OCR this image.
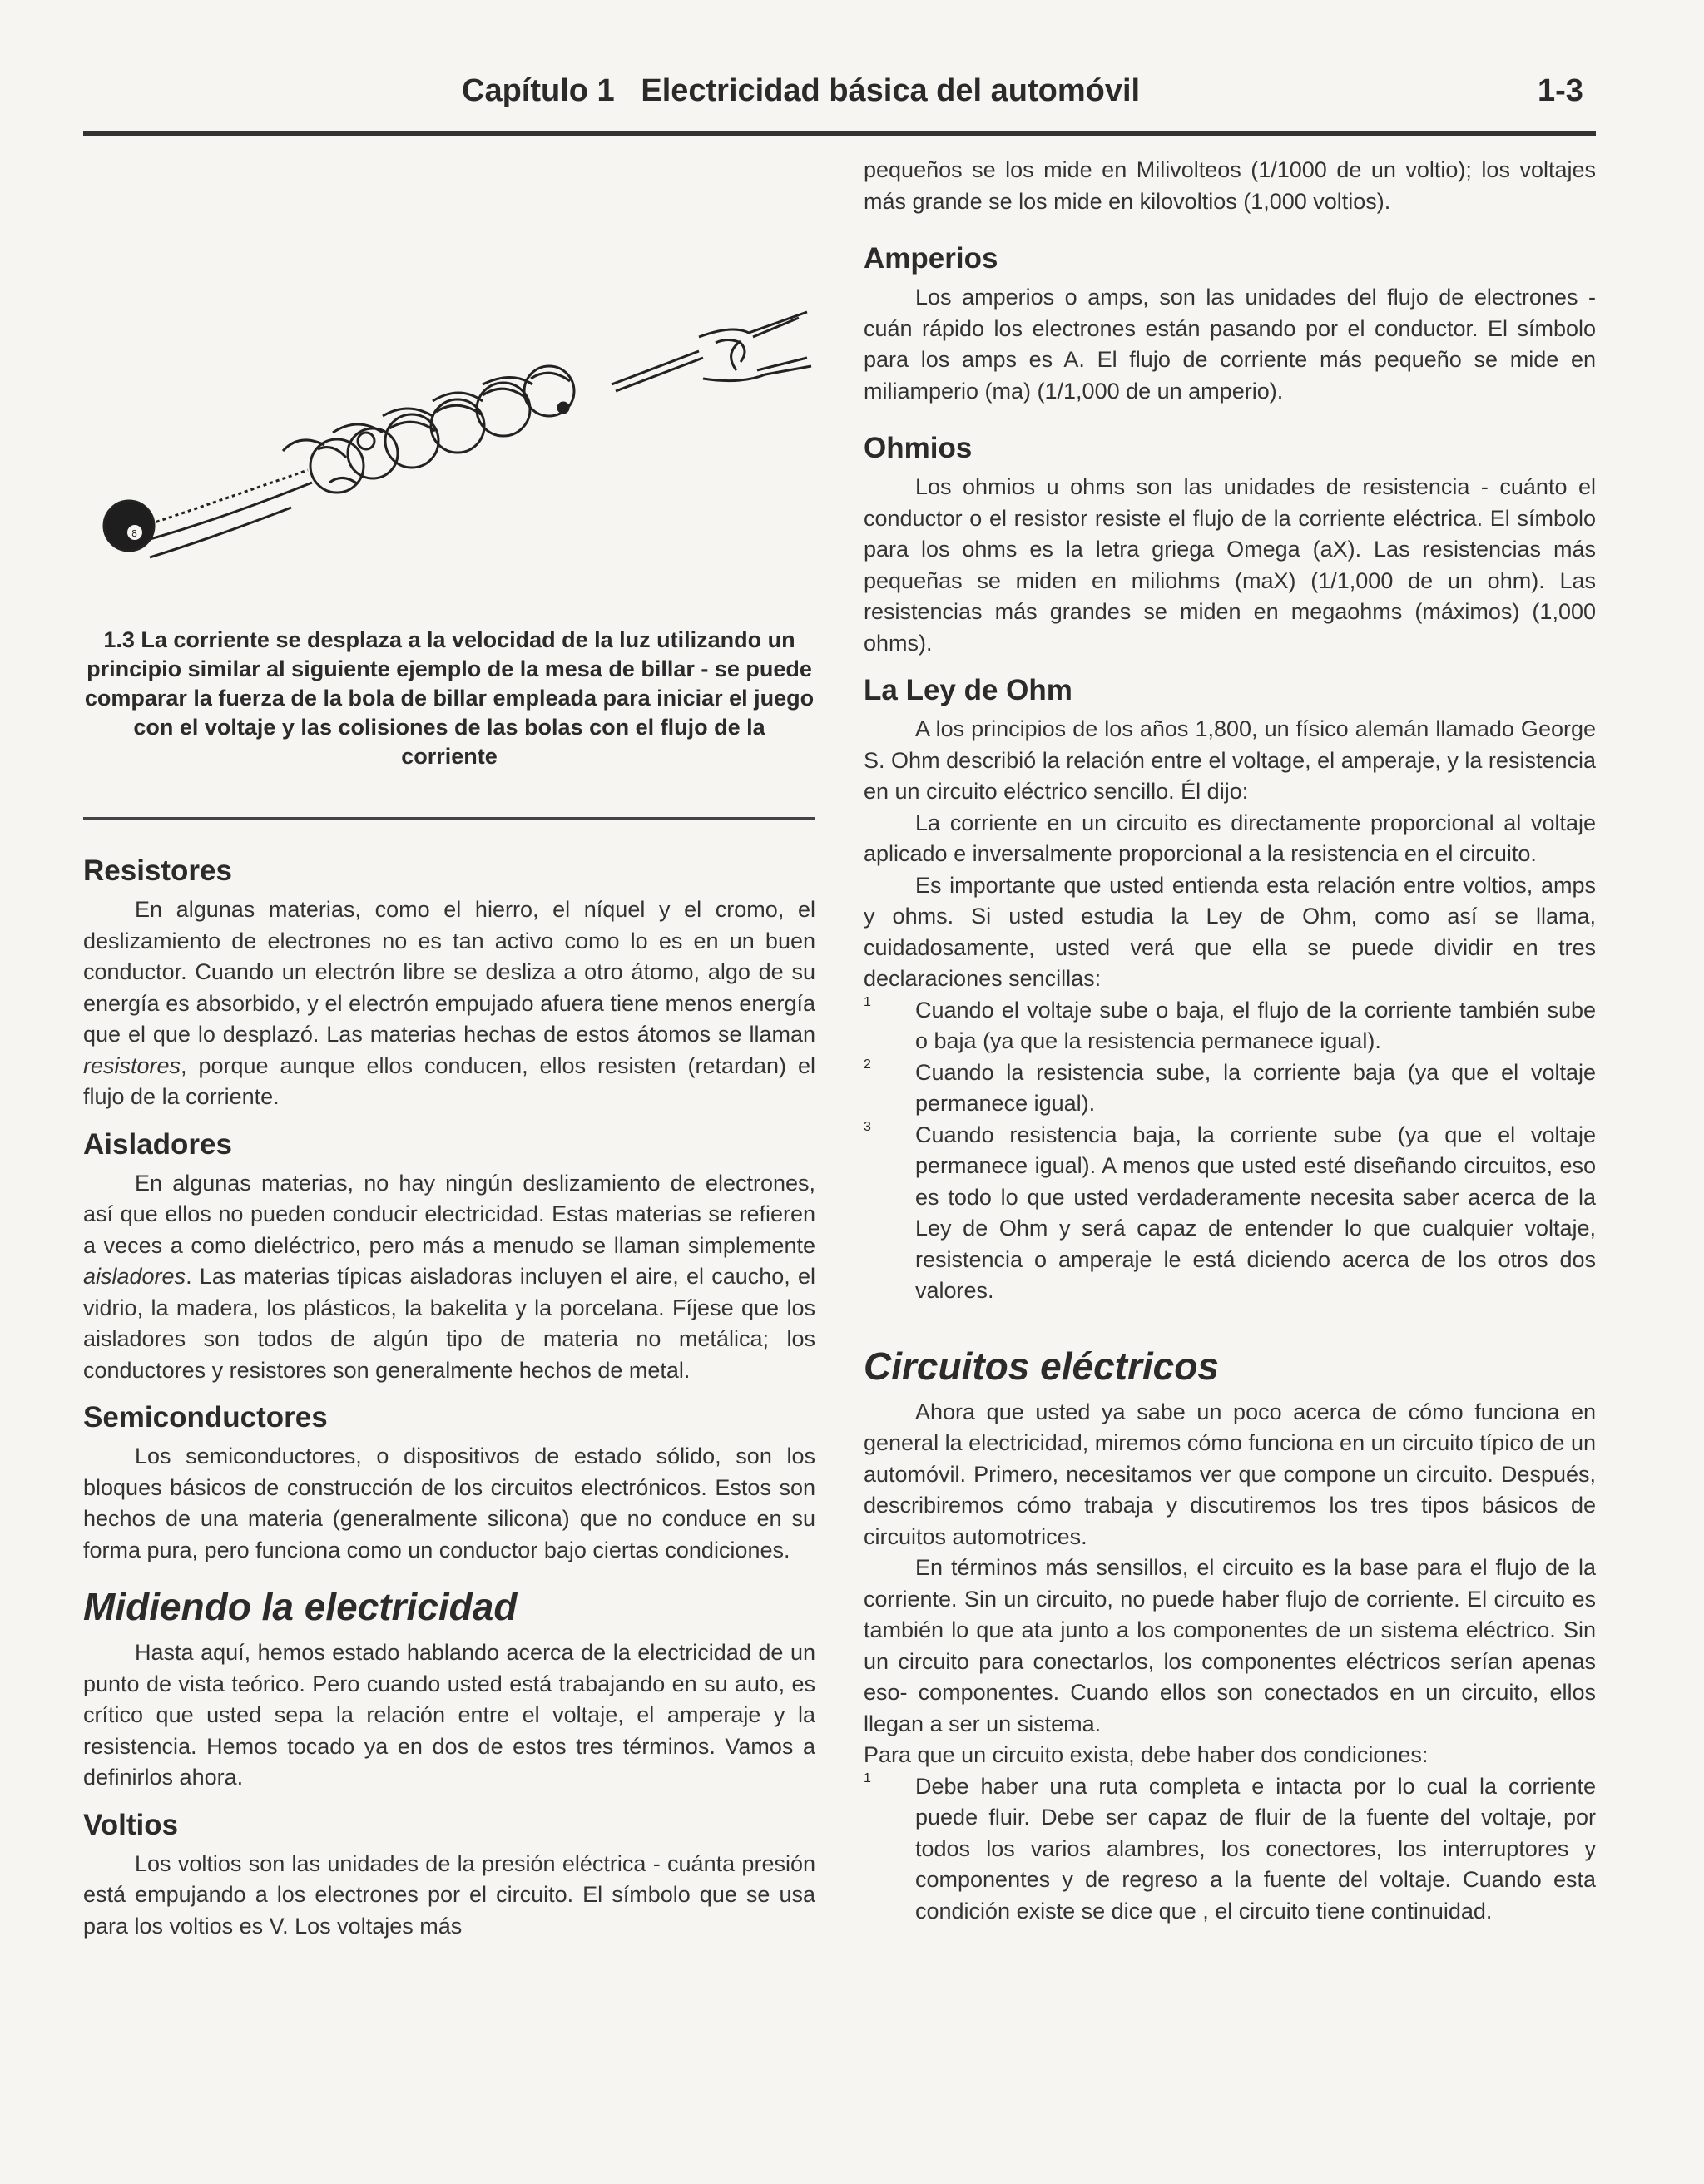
Capítulo 1   Electricidad básica del automóvil	1-3
8
1.3 La corriente se desplaza a la velocidad de la luz utilizando un principio similar al siguiente ejemplo de la mesa de billar - se puede comparar la fuerza de la bola de billar empleada para iniciar el juego con el voltaje y las colisiones de las bolas con el flujo de la corriente
Resistores

En algunas materias, como el hierro, el níquel y el cromo, el deslizamiento de electrones no es tan activo como lo es en un buen conductor. Cuando un electrón libre se desliza a otro átomo, algo de su energía es absorbido, y el electrón empujado afuera tiene menos energía que el que lo desplazó. Las materias hechas de estos átomos se llaman resistores, porque aunque ellos conducen, ellos resisten (retardan) el flujo de la corriente.

Aisladores

En algunas materias, no hay ningún deslizamiento de electrones, así que ellos no pueden conducir electricidad. Estas materias se refieren a veces a como dieléctrico, pero más a menudo se llaman simplemente aisladores. Las materias típicas aisladoras incluyen el aire, el caucho, el vidrio, la madera, los plásticos, la bakelita y la porcelana. Fíjese que los aisladores son todos de algún tipo de materia no metálica; los conductores y resistores son generalmente hechos de metal.

Semiconductores

Los semiconductores, o dispositivos de estado sólido, son los bloques básicos de construcción de los circuitos electrónicos. Estos son hechos de una materia (generalmente silicona) que no conduce en su forma pura, pero funciona como un conductor bajo ciertas condiciones.

Midiendo la electricidad

Hasta aquí, hemos estado hablando acerca de la electricidad de un punto de vista teórico. Pero cuando usted está trabajando en su auto, es crítico que usted sepa la relación entre el voltaje, el amperaje y la resistencia. Hemos tocado ya en dos de estos tres términos. Vamos a definirlos ahora.

Voltios

Los voltios son las unidades de la presión eléctrica - cuánta presión está empujando a los electrones por el circuito. El símbolo que se usa para los voltios es V. Los voltajes más

pequeños se los mide en Milivolteos (1/1000 de un voltio); los voltajes más grande se los mide en kilovoltios (1,000 voltios).

Amperios

Los amperios o amps, son las unidades del flujo de electrones - cuán rápido los electrones están pasando por el conductor. El símbolo para los amps es A. El flujo de corriente más pequeño se mide en miliamperio (ma) (1/1,000 de un amperio).

Ohmios

Los ohmios u ohms son las unidades de resistencia - cuánto el conductor o el resistor resiste el flujo de la corriente eléctrica. El símbolo para los ohms es la letra griega Omega (aX). Las resistencias más pequeñas se miden en miliohms (maX) (1/1,000 de un ohm). Las resistencias más grandes se miden en megaohms (máximos) (1,000 ohms).

La Ley de Ohm

A los principios de los años 1,800, un físico alemán llamado George S. Ohm describió la relación entre el voltage, el amperaje, y la resistencia en un circuito eléctrico sencillo. Él dijo:

La corriente en un circuito es directamente proporcional al voltaje aplicado e inversalmente proporcional a la resistencia en el circuito.

Es importante que usted entienda esta relación entre voltios, amps y ohms. Si usted estudia la Ley de Ohm, como así se llama, cuidadosamente, usted verá que ella se puede dividir en tres declaraciones sencillas:

1	Cuando el voltaje sube o baja, el flujo de la corriente también sube o baja (ya que la resistencia permanece igual).

2	Cuando la resistencia sube, la corriente baja (ya que el voltaje permanece igual).

3	Cuando resistencia baja, la corriente sube (ya que el voltaje permanece igual). A menos que usted esté diseñando circuitos, eso es todo lo que usted verdaderamente necesita saber acerca de la Ley de Ohm y será capaz de entender lo que cualquier voltaje, resistencia o amperaje le está diciendo acerca de los otros dos valores.

Circuitos eléctricos

Ahora que usted ya sabe un poco acerca de cómo funciona en general la electricidad, miremos cómo funciona en un circuito típico de un automóvil. Primero, necesitamos ver que compone un circuito. Después, describiremos cómo trabaja y discutiremos los tres tipos básicos de circuitos automotrices.

En términos más sensillos, el circuito es la base para el flujo de la corriente. Sin un circuito, no puede haber flujo de corriente. El circuito es también lo que ata junto a los componentes de un sistema eléctrico. Sin un circuito para conectarlos, los componentes eléctricos serían apenas eso- componentes. Cuando ellos son conectados en un circuito, ellos llegan a ser un sistema.

Para que un circuito exista, debe haber dos condiciones:

1	Debe haber una ruta completa e intacta por lo cual la corriente puede fluir. Debe ser capaz de fluir de la fuente del voltaje, por todos los varios alambres, los conectores, los interruptores y componentes y de regreso a la fuente del voltaje. Cuando esta condición existe se dice que , el circuito tiene continuidad.
